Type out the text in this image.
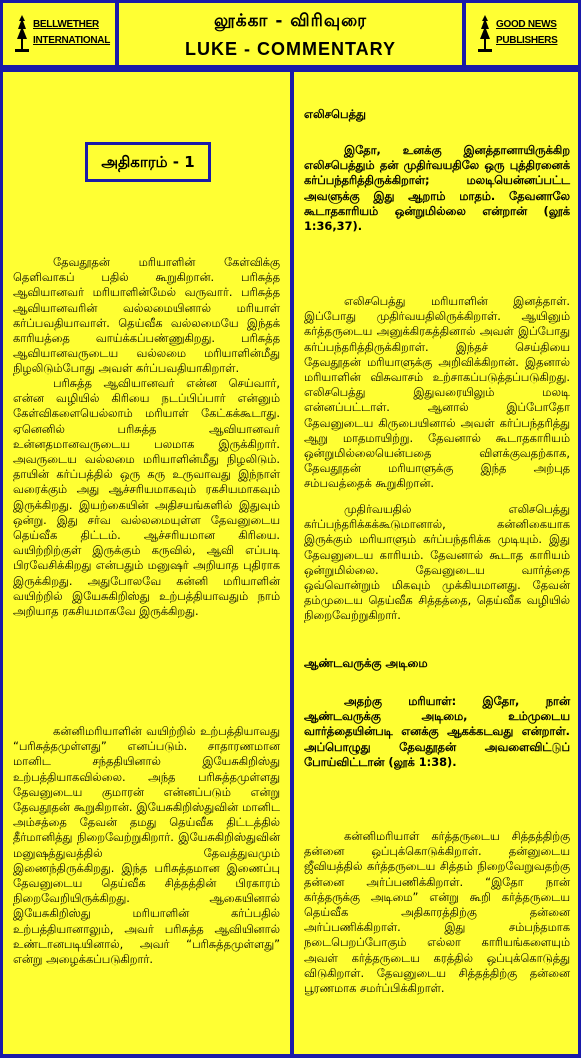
BELLWETHER
INTERNATIONAL
லூக்கா - விரிவுரை
LUKE - COMMENTARY
GOOD NEWS
PUBLISHERS
அதிகாரம் - 1

தேவதூதன் மரியாளின் கேள்விக்கு தெளிவாகப் பதில் கூறுகிறான். பரிசுத்த ஆவியானவர் மரியாளின்மேல் வருவார். பரிசுத்த ஆவியானவரின் வல்லமையினால் மரியாள் கர்ப்பவதியாவாள். தெய்வீக வல்லமையே இந்தக் காரியத்தை வாய்க்கப்பண்ணுகிறது. பரிசுத்த ஆவியானவருடைய வல்லமை மரியாளின்மீது நிழலிடும்போது அவள் கர்ப்பவதியாகிறாள்.

பரிசுத்த ஆவியானவர் என்ன செய்வார், என்ன வழியில் கிரியை நடப்பிப்பார் என்னும் கேள்விகளையெல்லாம் மரியாள் கேட்கக்கூடாது. ஏனெனில் பரிசுத்த ஆவியானவர் உன்னதமானவருடைய பலமாக இருக்கிறார். அவருடைய வல்லமை மரியாளின்மீது நிழலிடும். தாயின் கர்ப்பத்தில் ஒரு கரு உருவாவது இந்நாள் வரைக்கும் அது ஆச்சரியமாகவும் ரகசியமாகவும் இருக்கிறது. இயற்கையின் அதிசயங்களில் இதுவும் ஒன்று. இது சர்வ வல்லமையுள்ள தேவனுடைய தெய்வீக திட்டம். ஆச்சரியமான கிரியை. வயிற்றிற்குள் இருக்கும் கருவில், ஆவி எப்படி பிரவேசிக்கிறது என்பதும் மனுஷர் அறியாத புதிராக இருக்கிறது. அதுபோலவே கன்னி மரியாளின் வயிற்றில் இயேசுகிறிஸ்து உற்பத்தியாவதும் நாம் அறியாத ரகசியமாகவே இருக்கிறது.

கன்னிமரியாளின் வயிற்றில் உற்பத்தியாவது “பரிசுத்தமுள்ளது” எனப்படும். சாதாரணமான மானிட சந்ததியினால் இயேசுகிறிஸ்து உற்பத்தியாகவில்லை. அந்த பரிசுத்தமுள்ளது தேவனுடைய குமாரன் என்னப்படும் என்று தேவதூதன் கூறுகிறான். இயேசுகிறிஸ்துவின் மானிட அம்சத்தை தேவன் தமது தெய்வீக திட்டத்தில் தீர்மானித்து நிறைவேற்றுகிறார். இயேசுகிறிஸ்துவின் மனுஷத்துவத்தில் தேவத்துவமும் இணைந்திருக்கிறது. இந்த பரிசுத்தமான இணைப்பு தேவனுடைய தெய்வீக சித்தத்தின் பிரகாரம் நிறைவேறியிருக்கிறது. ஆகையினால் இயேசுகிறிஸ்து மரியாளின் கர்ப்பதில் உற்பத்தியானாலும், அவர் பரிசுத்த ஆவியினால் உண்டானபடியினால், அவர் “பரிசுத்தமுள்ளது” என்று அழைக்கப்படுகிறார்.

எலிசபெத்து

இதோ, உனக்கு இனத்தானாயிருக்கிற எலிசபெத்தும் தன் முதிர்வயதிலே ஒரு புத்திரனைக் கர்ப்பந்தரித்திருக்கிறாள்; மலடியென்னப்பட்ட அவளுக்கு இது ஆறாம் மாதம். தேவனாலே கூடாதகாரியம் ஒன்றுமில்லை என்றான் (லூக் 1:36,37).

எலிசபெத்து மரியாளின் இனத்தாள். இப்போது முதிர்வயதிலிருக்கிறாள். ஆயினும் கர்த்தருடைய அனுக்கிரகத்தினால் அவள் இப்போது கர்ப்பந்தரித்திருக்கிறாள். இந்தச் செய்தியை தேவதூதன் மரியாளுக்கு அறிவிக்கிறான். இதனால் மரியாளின் விசுவாசம் உற்சாகப்படுத்தப்படுகிறது. எலிசபெத்து இதுவரையிலும் மலடி என்னப்பட்டாள். ஆனால் இப்போதோ தேவனுடைய கிருபையினால் அவள் கர்ப்பந்தரித்து ஆறு மாதமாயிற்று. தேவனால் கூடாதகாரியம் ஒன்றுமில்லையென்பதை விளக்குவதற்காக, தேவதூதன் மரியாளுக்கு இந்த அற்புத சம்பவத்தைக் கூறுகிறான்.

முதிர்வயதில் எலிசபெத்து கர்ப்பந்தரிக்கக்கூடுமானால், கன்னிகையாக இருக்கும் மரியாளும் கர்ப்பந்தரிக்க முடியும். இது தேவனுடைய காரியம். தேவனால் கூடாத காரியம் ஒன்றுமில்லை. தேவனுடைய வார்த்தை ஒவ்வொன்றும் மிகவும் முக்கியமானது. தேவன் தம்முடைய தெய்வீக சித்தத்தை, தெய்வீக வழியில் நிறைவேற்றுகிறார்.

ஆண்டவருக்கு அடிமை

அதற்கு மரியாள்: இதோ, நான் ஆண்டவருக்கு அடிமை, உம்முடைய வார்த்தையின்படி எனக்கு ஆகக்கடவது என்றாள். அப்பொழுது தேவதூதன் அவளைவிட்டுப் போய்விட்டான் (லூக் 1:38).

கன்னிமரியாள் கர்த்தருடைய சித்தத்திற்கு தன்னை ஒப்புக்கொடுக்கிறாள். தன்னுடைய ஜீவியத்தில் கர்த்தருடைய சித்தம் நிறைவேறுவதற்கு தன்னை அர்ப்பணிக்கிறாள். “இதோ நான் கர்த்தருக்கு அடிமை” என்று கூறி கர்த்தருடைய தெய்வீக அதிகாரத்திற்கு தன்னை அர்ப்பணிக்கிறாள். இது சம்பந்தமாக நடைபெறப்போகும் எல்லா காரியங்களையும் அவள் கர்த்தருடைய கரத்தில் ஒப்புக்கொடுத்து விடுகிறாள். தேவனுடைய சித்தத்திற்கு தன்னை பூரணமாக சமர்ப்பிக்கிறாள்.
